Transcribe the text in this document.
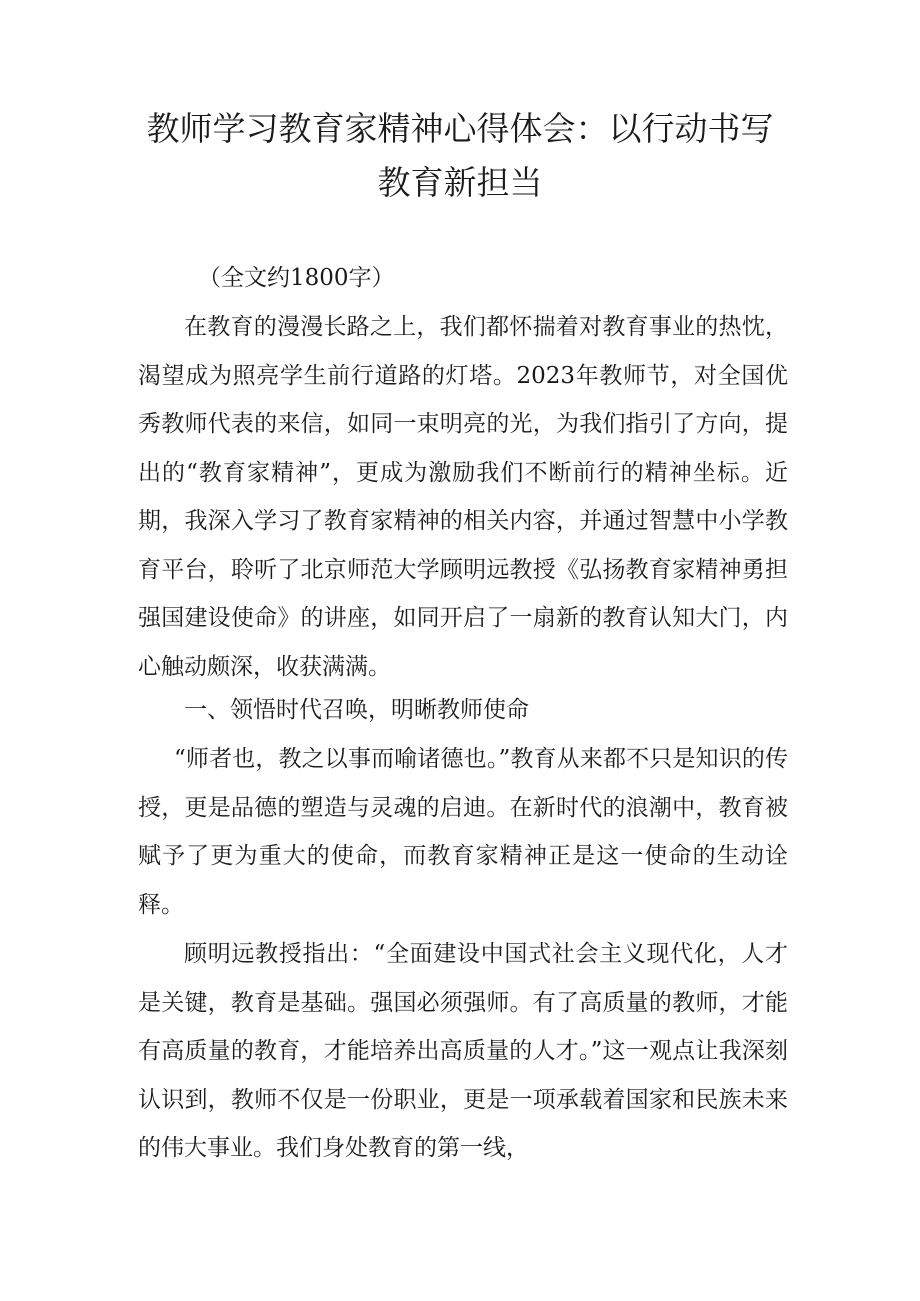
教师学习教育家精神心得体会：以行动书写
教育新担当

（全文约1800字）

在教育的漫漫长路之上，我们都怀揣着对教育事业的热忱，渴望成为照亮学生前行道路的灯塔。2023年教师节，对全国优秀教师代表的来信，如同一束明亮的光，为我们指引了方向，提出的“教育家精神”，更成为激励我们不断前行的精神坐标。近期，我深入学习了教育家精神的相关内容，并通过智慧中小学教育平台，聆听了北京师范大学顾明远教授《弘扬教育家精神勇担强国建设使命》的讲座，如同开启了一扇新的教育认知大门，内心触动颇深，收获满满。

一、领悟时代召唤，明晰教师使命

“师者也，教之以事而喻诸德也。”教育从来都不只是知识的传授，更是品德的塑造与灵魂的启迪。在新时代的浪潮中，教育被赋予了更为重大的使命，而教育家精神正是这一使命的生动诠释。

顾明远教授指出：“全面建设中国式社会主义现代化，人才是关键，教育是基础。强国必须强师。有了高质量的教师，才能有高质量的教育，才能培养出高质量的人才。”这一观点让我深刻认识到，教师不仅是一份职业，更是一项承载着国家和民族未来的伟大事业。我们身处教育的第一线，
